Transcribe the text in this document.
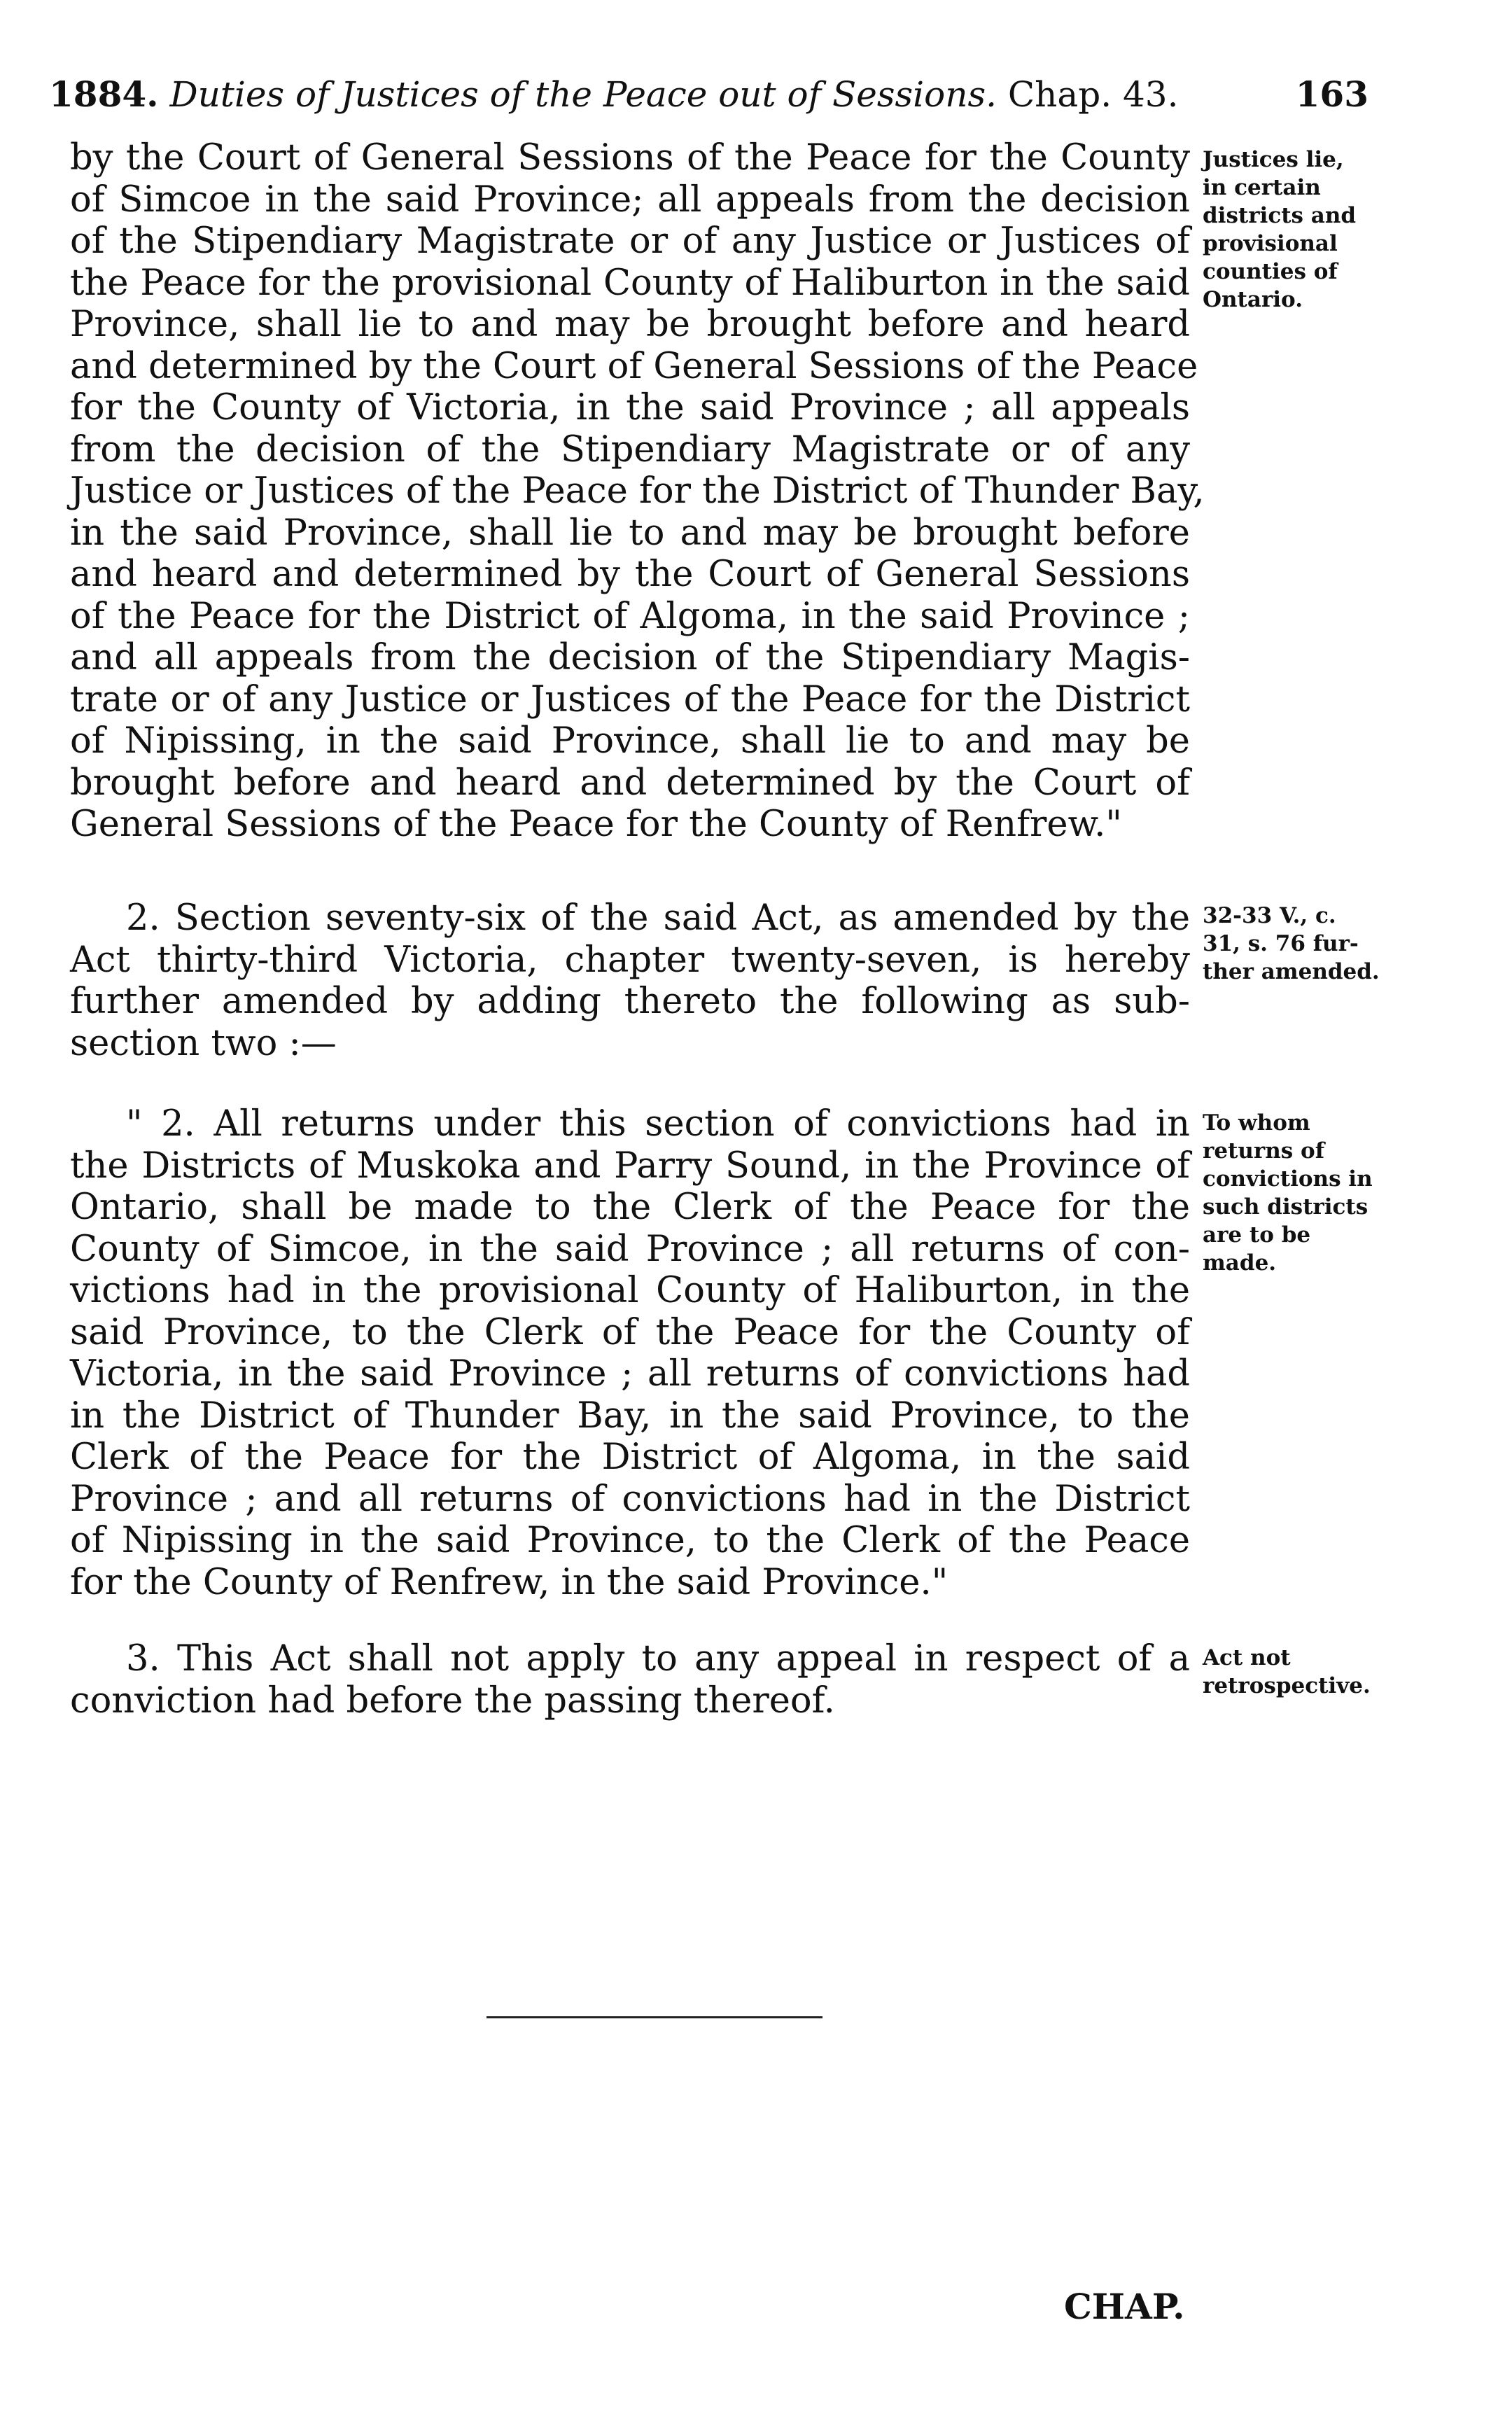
1884. Duties of Justices of the Peace out of Sessions. Chap. 43.	163
by the Court of General Sessions of the Peace for the County
of Simcoe in the said Province; all appeals from the decision
of the Stipendiary Magistrate or of any Justice or Justices of
the Peace for the provisional County of Haliburton in the said
Province, shall lie to and may be brought before and heard
and determined by the Court of General Sessions of the Peace
for the County of Victoria, in the said Province ; all appeals
from the decision of the Stipendiary Magistrate or of any
Justice or Justices of the Peace for the District of Thunder Bay,
in the said Province, shall lie to and may be brought before
and heard and determined by the Court of General Sessions
of the Peace for the District of Algoma, in the said Province ;
and all appeals from the decision of the Stipendiary Magis-
trate or of any Justice or Justices of the Peace for the District
of Nipissing, in the said Province, shall lie to and may be
brought before and heard and determined by the Court of
General Sessions of the Peace for the County of Renfrew."
2. Section seventy-six of the said Act, as amended by the
Act thirty-third Victoria, chapter twenty-seven, is hereby
further amended by adding thereto the following as sub-
section two :—
" 2. All returns under this section of convictions had in
the Districts of Muskoka and Parry Sound, in the Province of
Ontario, shall be made to the Clerk of the Peace for the
County of Simcoe, in the said Province ; all returns of con-
victions had in the provisional County of Haliburton, in the
said Province, to the Clerk of the Peace for the County of
Victoria, in the said Province ; all returns of convictions had
in the District of Thunder Bay, in the said Province, to the
Clerk of the Peace for the District of Algoma, in the said
Province ; and all returns of convictions had in the District
of Nipissing in the said Province, to the Clerk of the Peace
for the County of Renfrew, in the said Province."
3. This Act shall not apply to any appeal in respect of a
conviction had before the passing thereof.
Justices lie,
in certain
districts and
provisional
counties of
Ontario.
32-33 V., c.
31, s. 76 fur-
ther amended.
To whom
returns of
convictions in
such districts
are to be
made.
Act not
retrospective.
CHAP.
